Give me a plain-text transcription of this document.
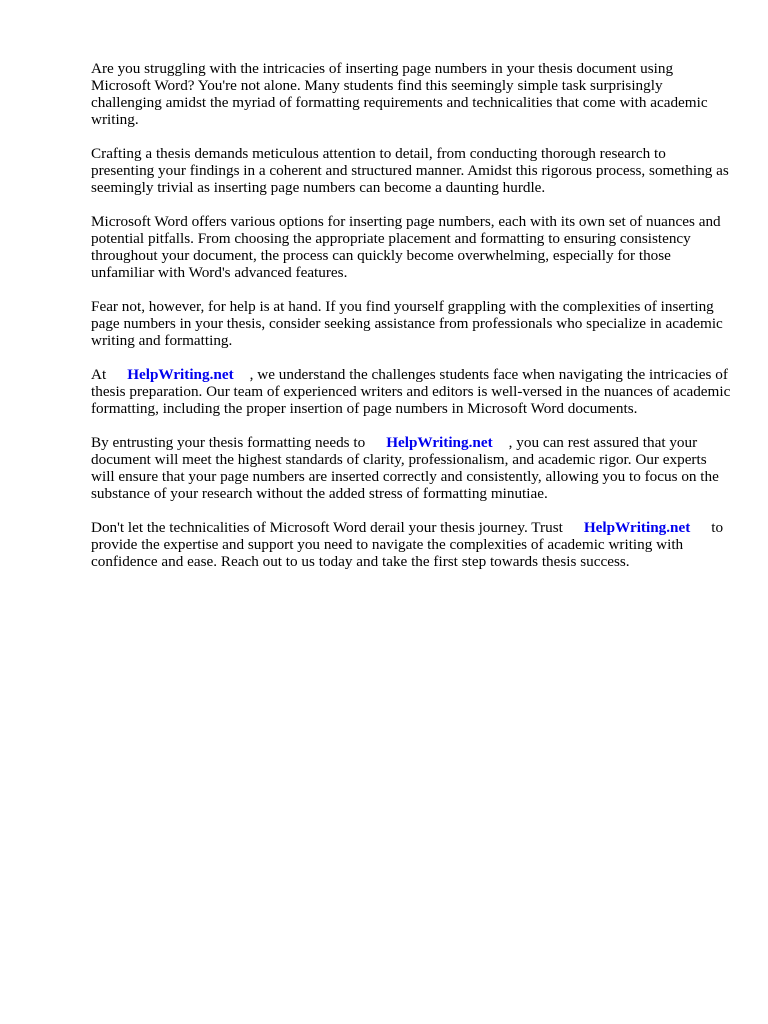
Are you struggling with the intricacies of inserting page numbers in your thesis document using Microsoft Word? You're not alone. Many students find this seemingly simple task surprisingly challenging amidst the myriad of formatting requirements and technicalities that come with academic writing.

Crafting a thesis demands meticulous attention to detail, from conducting thorough research to presenting your findings in a coherent and structured manner. Amidst this rigorous process, something as seemingly trivial as inserting page numbers can become a daunting hurdle.

Microsoft Word offers various options for inserting page numbers, each with its own set of nuances and potential pitfalls. From choosing the appropriate placement and formatting to ensuring consistency throughout your document, the process can quickly become overwhelming, especially for those unfamiliar with Word's advanced features.

Fear not, however, for help is at hand. If you find yourself grappling with the complexities of inserting page numbers in your thesis, consider seeking assistance from professionals who specialize in academic writing and formatting.

At HelpWriting.net , we understand the challenges students face when navigating the intricacies of thesis preparation. Our team of experienced writers and editors is well-versed in the nuances of academic formatting, including the proper insertion of page numbers in Microsoft Word documents.

By entrusting your thesis formatting needs to HelpWriting.net , you can rest assured that your document will meet the highest standards of clarity, professionalism, and academic rigor. Our experts will ensure that your page numbers are inserted correctly and consistently, allowing you to focus on the substance of your research without the added stress of formatting minutiae.

Don't let the technicalities of Microsoft Word derail your thesis journey. Trust HelpWriting.net to provide the expertise and support you need to navigate the complexities of academic writing with confidence and ease. Reach out to us today and take the first step towards thesis success.
